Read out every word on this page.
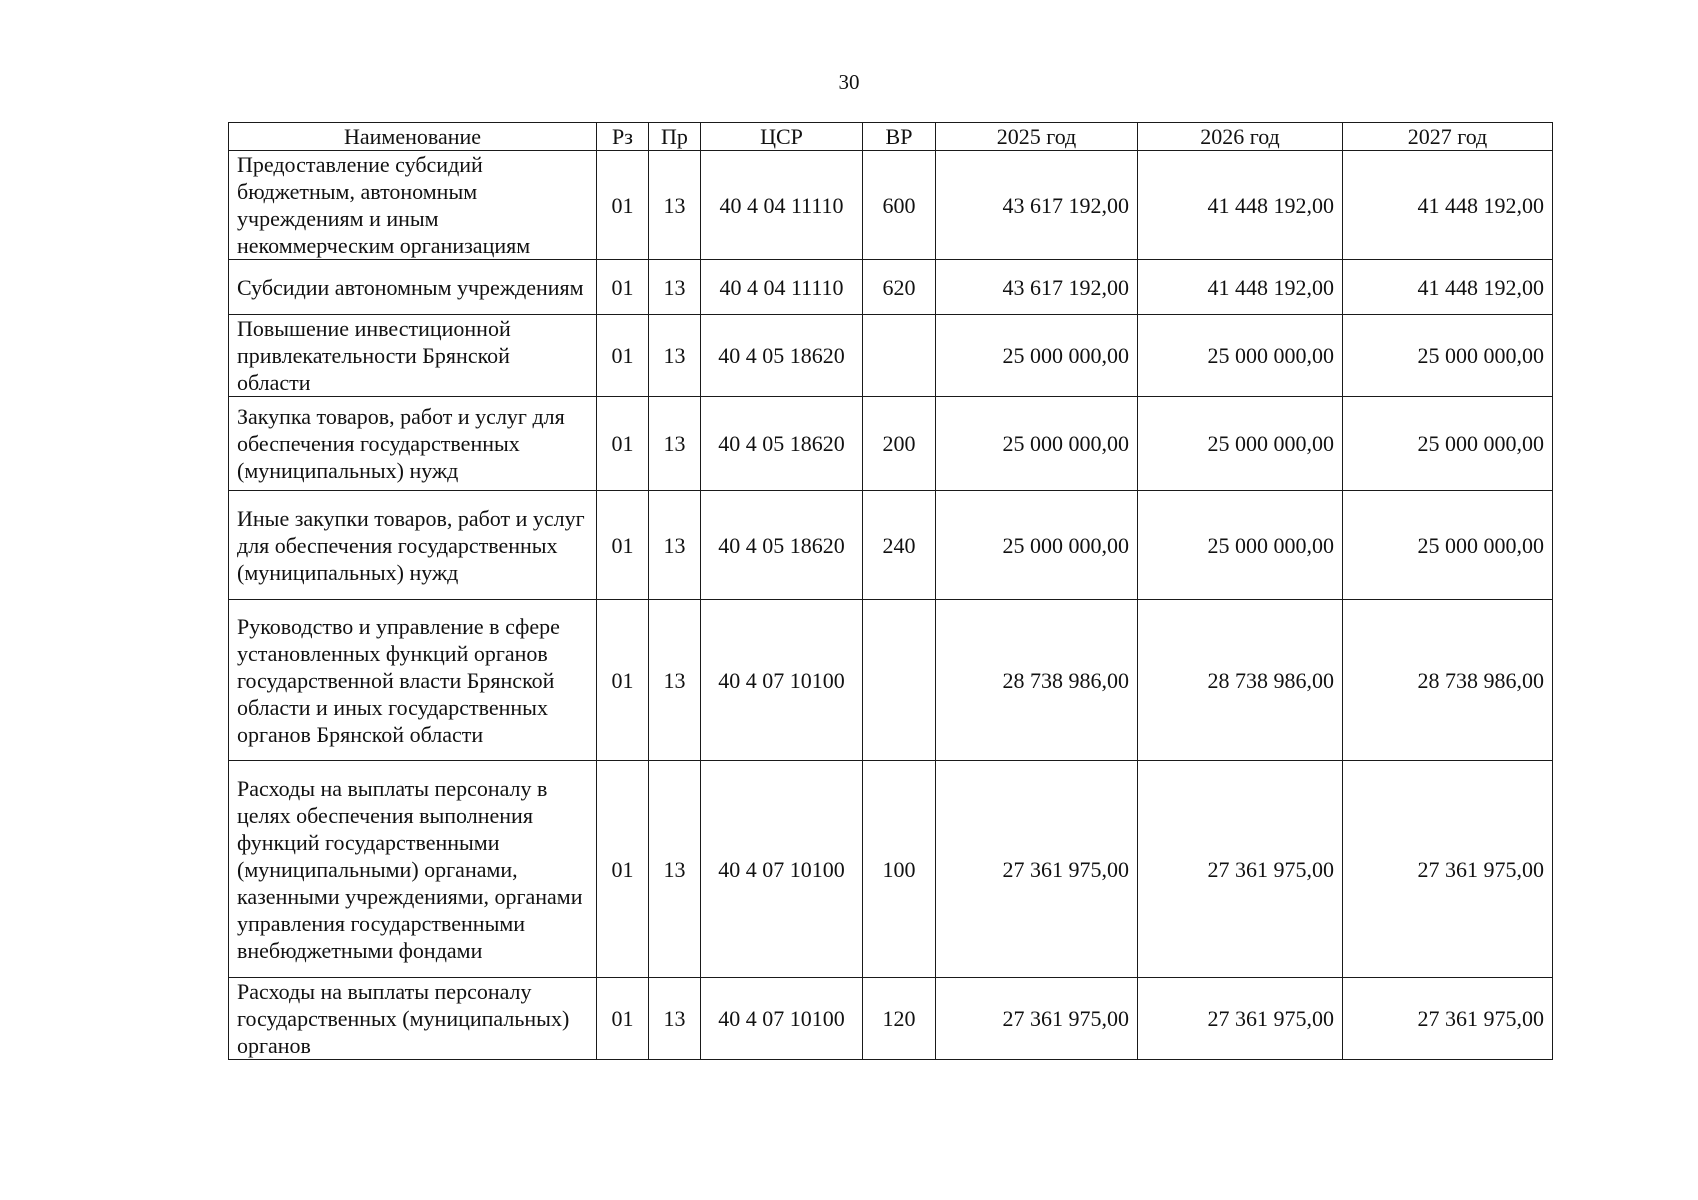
30
Наименование	Рз	Пр	ЦСР	ВР	2025 год	2026 год	2027 год
Предоставление субсидий бюджетным, автономным учреждениям и иным некоммерческим организациям	01	13	40 4 04 11110	600	43 617 192,00	41 448 192,00	41 448 192,00
Субсидии автономным учреждениям	01	13	40 4 04 11110	620	43 617 192,00	41 448 192,00	41 448 192,00
Повышение инвестиционной привлекательности Брянской области	01	13	40 4 05 18620		25 000 000,00	25 000 000,00	25 000 000,00
Закупка товаров, работ и услуг для обеспечения государственных (муниципальных) нужд	01	13	40 4 05 18620	200	25 000 000,00	25 000 000,00	25 000 000,00
Иные закупки товаров, работ и услуг для обеспечения государственных (муниципальных) нужд	01	13	40 4 05 18620	240	25 000 000,00	25 000 000,00	25 000 000,00
Руководство и управление в сфере установленных функций органов государственной власти Брянской области и иных государственных органов Брянской области	01	13	40 4 07 10100		28 738 986,00	28 738 986,00	28 738 986,00
Расходы на выплаты персоналу в целях обеспечения выполнения функций государственными (муниципальными) органами, казенными учреждениями, органами управления государственными внебюджетными фондами	01	13	40 4 07 10100	100	27 361 975,00	27 361 975,00	27 361 975,00
Расходы на выплаты персоналу государственных (муниципальных) органов	01	13	40 4 07 10100	120	27 361 975,00	27 361 975,00	27 361 975,00
